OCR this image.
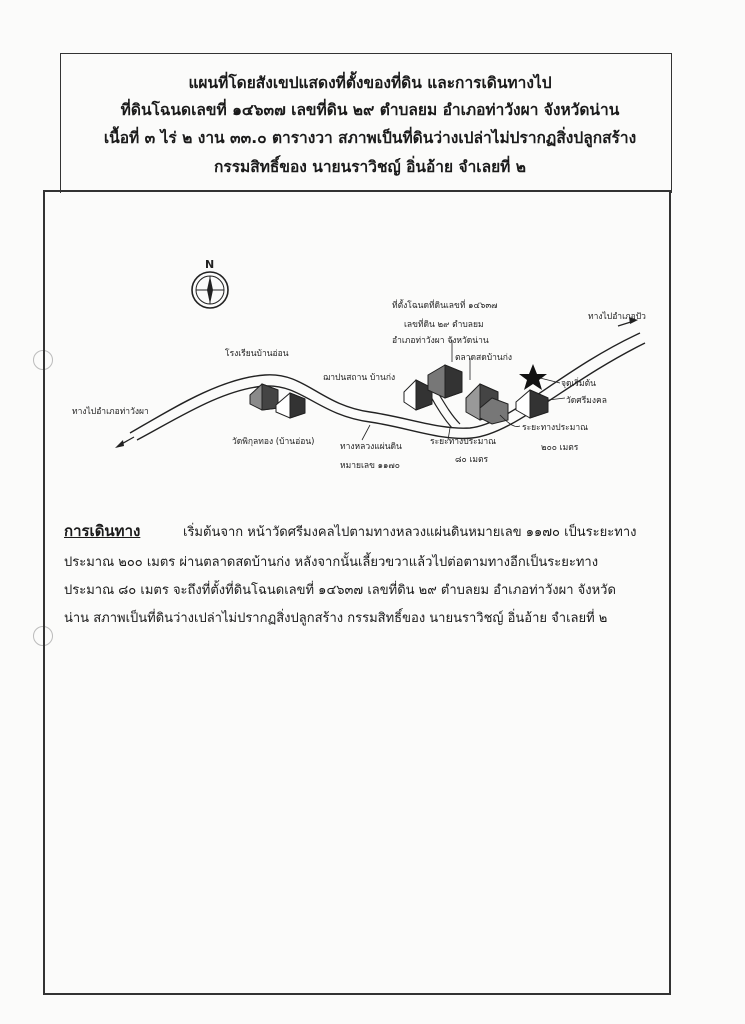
แผนที่โดยสังเขปแสดงที่ตั้งของที่ดิน และการเดินทางไป
ที่ดินโฉนดเลขที่ ๑๔๖๓๗ เลขที่ดิน ๒๙ ตำบลยม อำเภอท่าวังผา จังหวัดน่าน
เนื้อที่ ๓ ไร่ ๒ งาน ๓๓.๐ ตารางวา สภาพเป็นที่ดินว่างเปล่าไม่ปรากฏสิ่งปลูกสร้าง
กรรมสิทธิ์ของ นายนราวิชญ์ อิ่นอ้าย จำเลยที่ ๒
N
ทางไปอำเภอท่าวังผา
ทางไปอำเภอปัว
โรงเรียนบ้านอ่อน
วัดพิกุลทอง (บ้านอ่อน)
ฌาปนสถาน บ้านก่ง
ทางหลวงแผ่นดิน
หมายเลข ๑๑๗๐
ที่ตั้งโฉนดที่ดินเลขที่ ๑๔๖๓๗
เลขที่ดิน ๒๙ ตำบลยม
อำเภอท่าวังผา จังหวัดน่าน
ตลาดสดบ้านก่ง
ระยะทางประมาณ
๘๐ เมตร
จุดเริ่มต้น
วัดศรีมงคล
ระยะทางประมาณ
๒๐๐ เมตร
การเดินทาง	เริ่มต้นจาก หน้าวัดศรีมงคลไปตามทางหลวงแผ่นดินหมายเลข ๑๑๗๐ เป็นระยะทาง
ประมาณ ๒๐๐ เมตร ผ่านตลาดสดบ้านก่ง หลังจากนั้นเลี้ยวขวาแล้วไปต่อตามทางอีกเป็นระยะทาง
ประมาณ ๘๐ เมตร จะถึงที่ตั้งที่ดินโฉนดเลขที่ ๑๔๖๓๗ เลขที่ดิน ๒๙ ตำบลยม อำเภอท่าวังผา จังหวัด
น่าน สภาพเป็นที่ดินว่างเปล่าไม่ปรากฏสิ่งปลูกสร้าง กรรมสิทธิ์ของ นายนราวิชญ์ อิ่นอ้าย จำเลยที่ ๒
